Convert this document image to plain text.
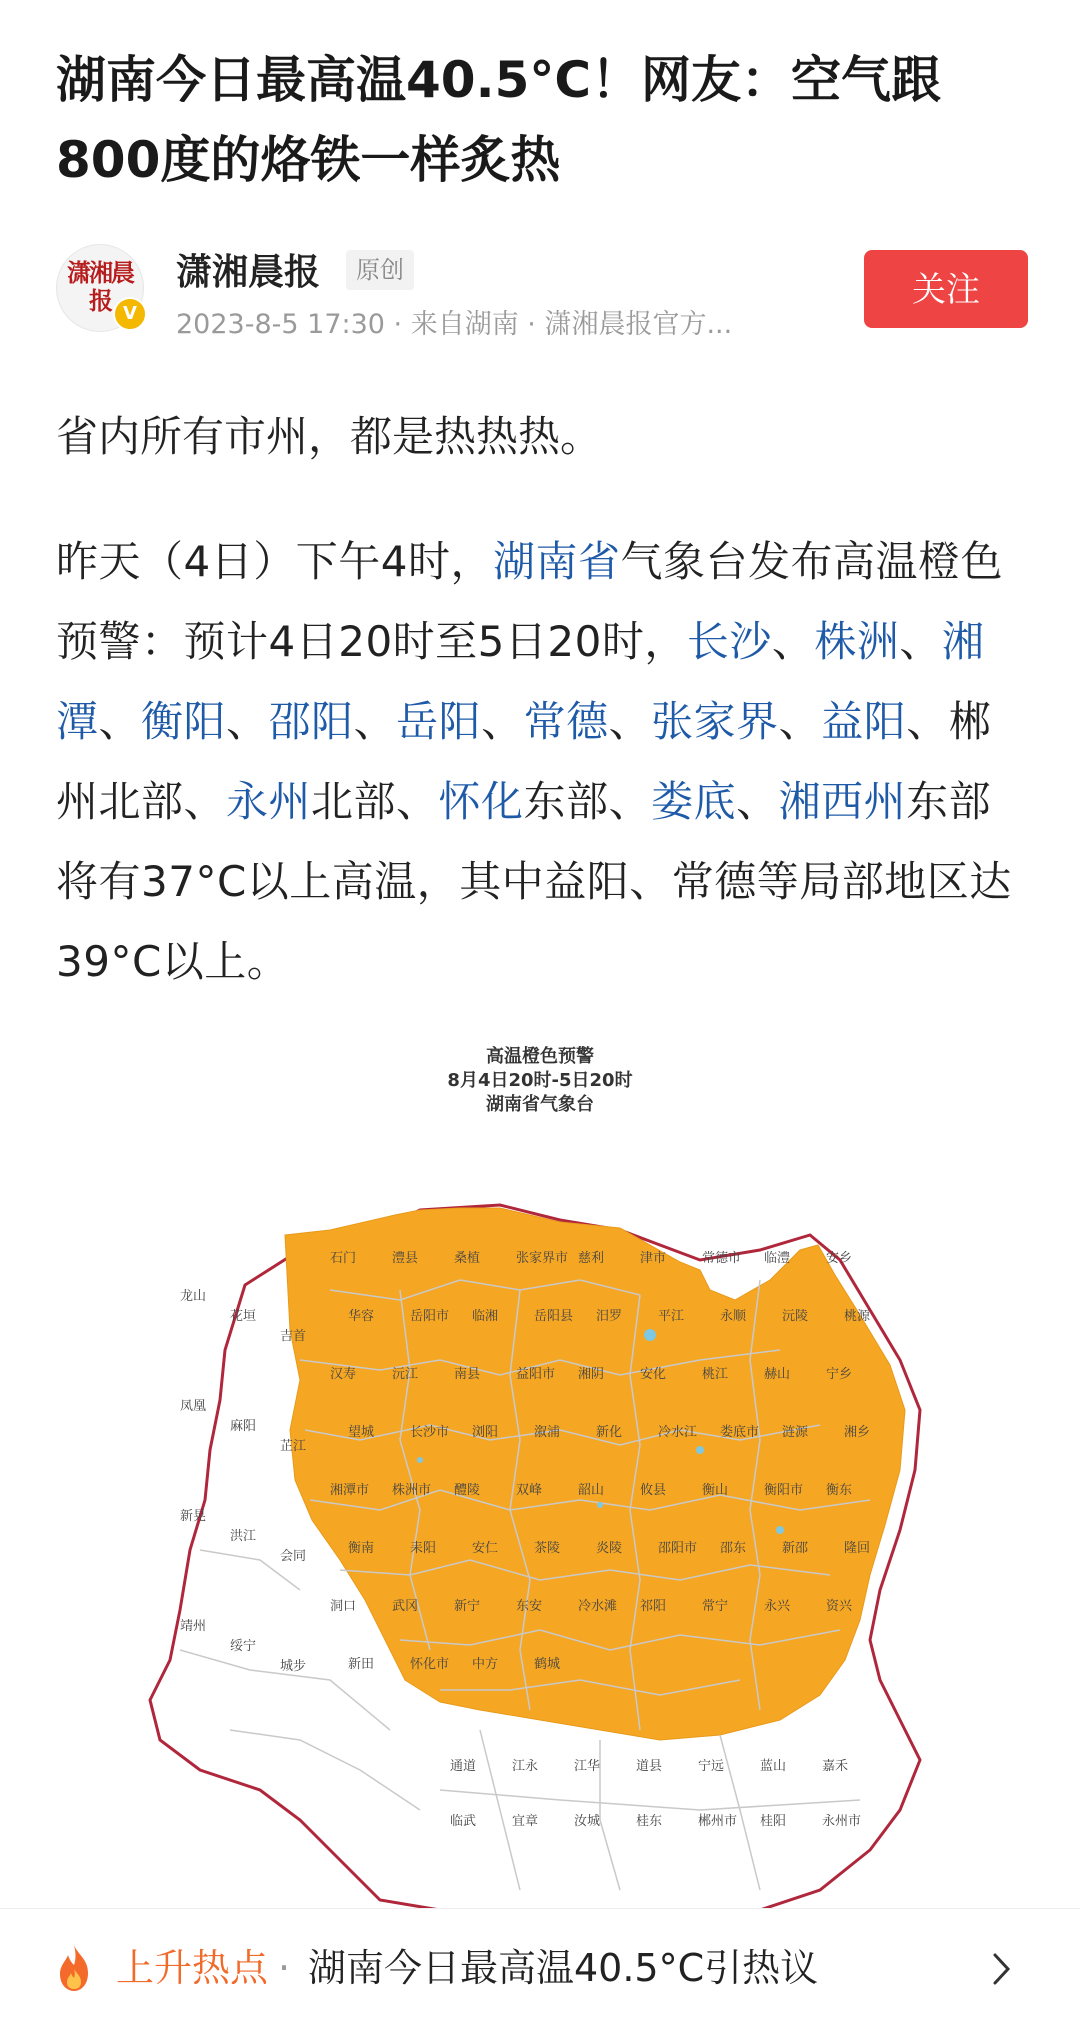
湖南今日最高温40.5°C！网友：空气跟800度的烙铁一样炙热
潇湘晨报 V
潇湘晨报	原创
2023-8-5 17:30 · 来自湖南 · 潇湘晨报官方...
关注

省内所有市州，都是热热热。

昨天（4日）下午4时，湖南省气象台发布高温橙色预警：预计4日20时至5日20时，长沙、株洲、湘潭、衡阳、邵阳、岳阳、常德、张家界、益阳、郴州北部、永州北部、怀化东部、娄底、湘西州东部将有37°C以上高温，其中益阳、常德等局部地区达39°C以上。

高温橙色预警
8月4日20时-5日20时
湖南省气象台
石门	澧县	桑植	张家界市 慈利	津市	常德市 临澧	安乡
华容	岳阳市 临湘	岳阳县 汨罗	平江	永顺	沅陵	桃源
汉寿	沅江	南县	益阳市 湘阴	安化	桃江	赫山	宁乡
望城	长沙市 浏阳	溆浦	新化	冷水江 娄底市 涟源	湘乡
湘潭市 株洲市 醴陵	双峰	韶山	攸县	衡山	衡阳市 衡东
衡南	耒阳	安仁	茶陵	炎陵	邵阳市 邵东	新邵	隆回
洞口	武冈	新宁	东安	冷水滩 祁阳	常宁	永兴	资兴
新田	怀化市 中方	鹤城
龙山
花垣
吉首
凤凰
麻阳
芷江
新晃
洪江
会同
靖州
绥宁
城步
通道	江永	江华	道县	宁远	蓝山	嘉禾
临武	宜章	汝城	桂东	郴州市 桂阳	永州市
上升热点 · 湖南今日最高温40.5°C引热议
